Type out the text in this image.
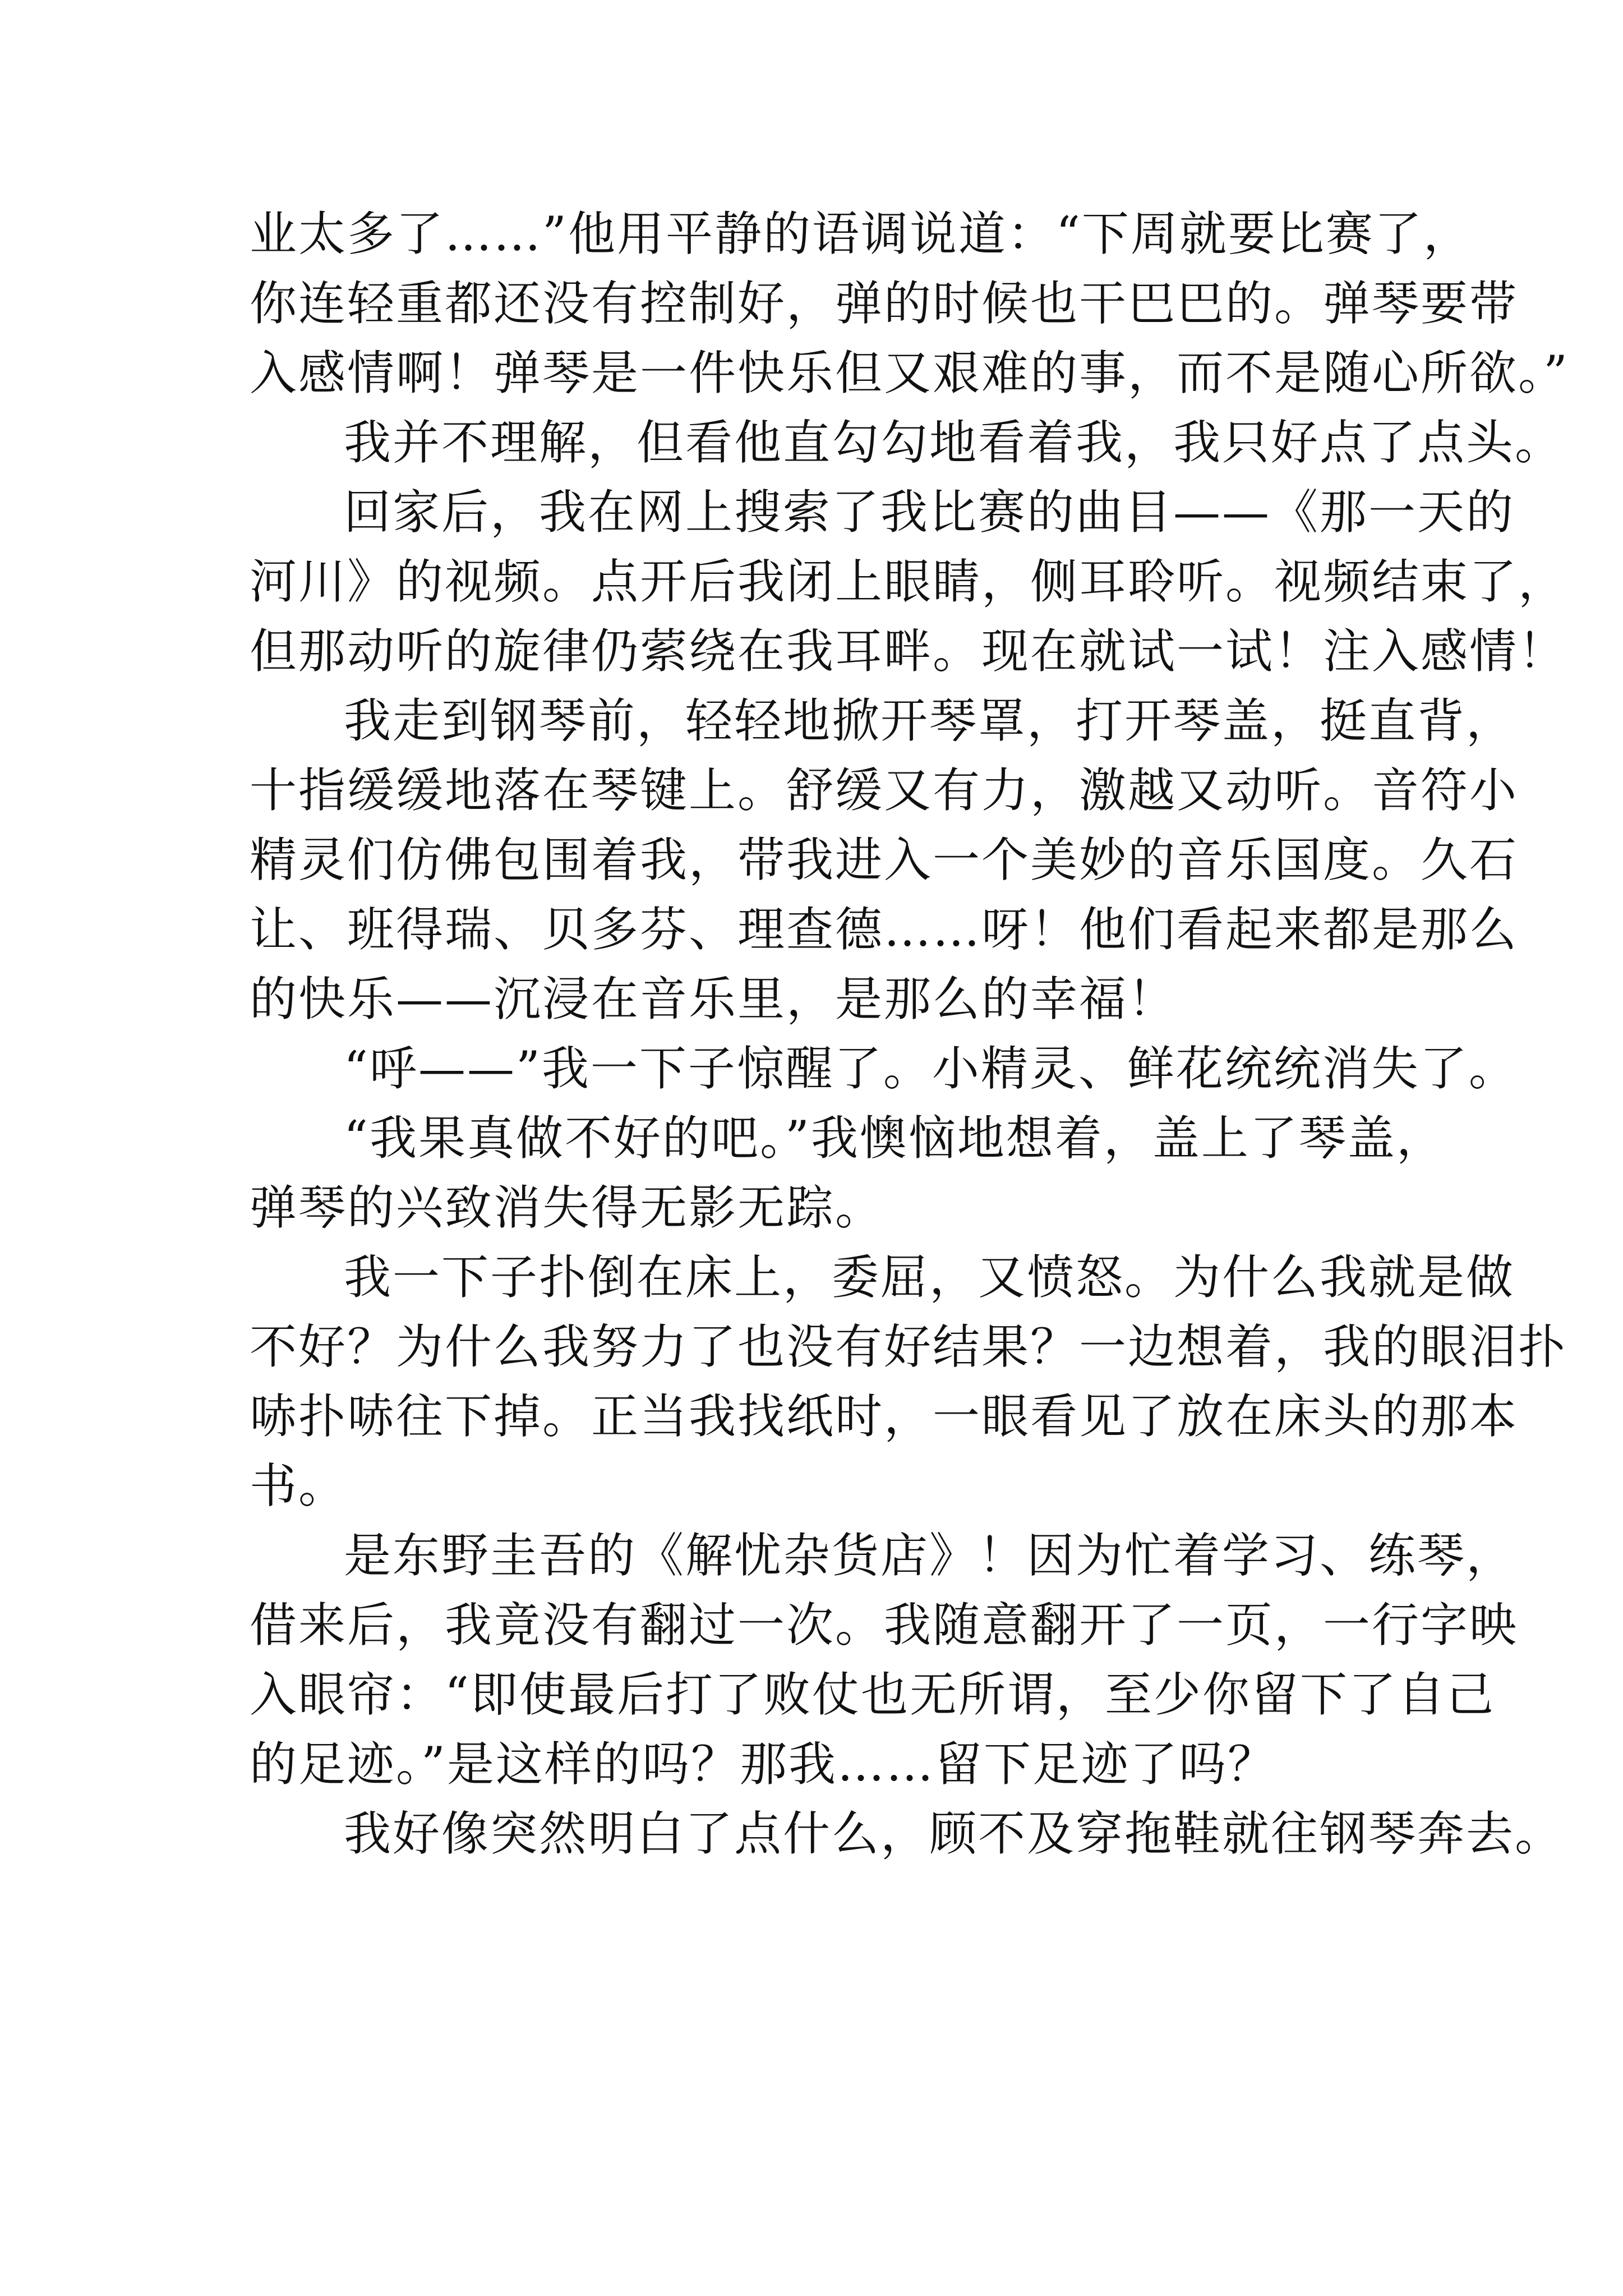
业太多了……”他用平静的语调说道：“下周就要比赛了，
你连轻重都还没有控制好，弹的时候也干巴巴的。弹琴要带
入感情啊！弹琴是一件快乐但又艰难的事，而不是随心所欲。”
我并不理解，但看他直勾勾地看着我，我只好点了点头。
回家后，我在网上搜索了我比赛的曲目——《那一天的
河川》的视频。点开后我闭上眼睛，侧耳聆听。视频结束了，
但那动听的旋律仍萦绕在我耳畔。现在就试一试！注入感情！
我走到钢琴前，轻轻地掀开琴罩，打开琴盖，挺直背，
十指缓缓地落在琴键上。舒缓又有力，激越又动听。音符小
精灵们仿佛包围着我，带我进入一个美妙的音乐国度。久石
让、班得瑞、贝多芬、理查德……呀！他们看起来都是那么
的快乐——沉浸在音乐里，是那么的幸福！
“呼——”我一下子惊醒了。小精灵、鲜花统统消失了。
“我果真做不好的吧。”我懊恼地想着，盖上了琴盖，
弹琴的兴致消失得无影无踪。
我一下子扑倒在床上，委屈，又愤怒。为什么我就是做
不好？为什么我努力了也没有好结果？一边想着，我的眼泪扑
哧扑哧往下掉。正当我找纸时，一眼看见了放在床头的那本
书。
是东野圭吾的《解忧杂货店》！因为忙着学习、练琴，
借来后，我竟没有翻过一次。我随意翻开了一页，一行字映
入眼帘：“即使最后打了败仗也无所谓，至少你留下了自己
的足迹。”是这样的吗？那我……留下足迹了吗？
我好像突然明白了点什么，顾不及穿拖鞋就往钢琴奔去。
